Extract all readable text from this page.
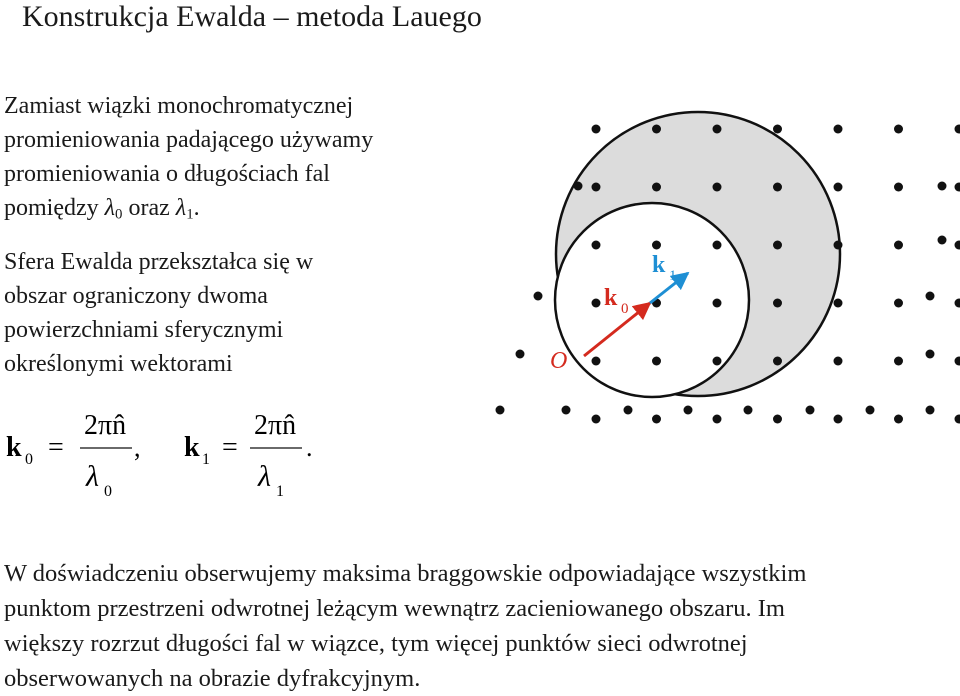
Konstrukcja Ewalda – metoda Lauego
Zamiast wiązki monochromatycznej
promieniowania padającego używamy
promieniowania o długościach fal
pomiędzy $\lambda_0$ oraz $\lambda_1$.
Sfera Ewalda przekształca się w
obszar ograniczony dwoma
powierzchniami sferycznymi
określonymi wektorami
k 0 =
2πn̂
λ 0
, k 1 =
2πn̂
λ 1
.
O
k 0
k 1
W doświadczeniu obserwujemy maksima braggowskie odpowiadające wszystkim
punktom przestrzeni odwrotnej leżącym wewnątrz zacieniowanego obszaru. Im
większy rozrzut długości fal w wiązce, tym więcej punktów sieci odwrotnej
obserwowanych na obrazie dyfrakcyjnym.
